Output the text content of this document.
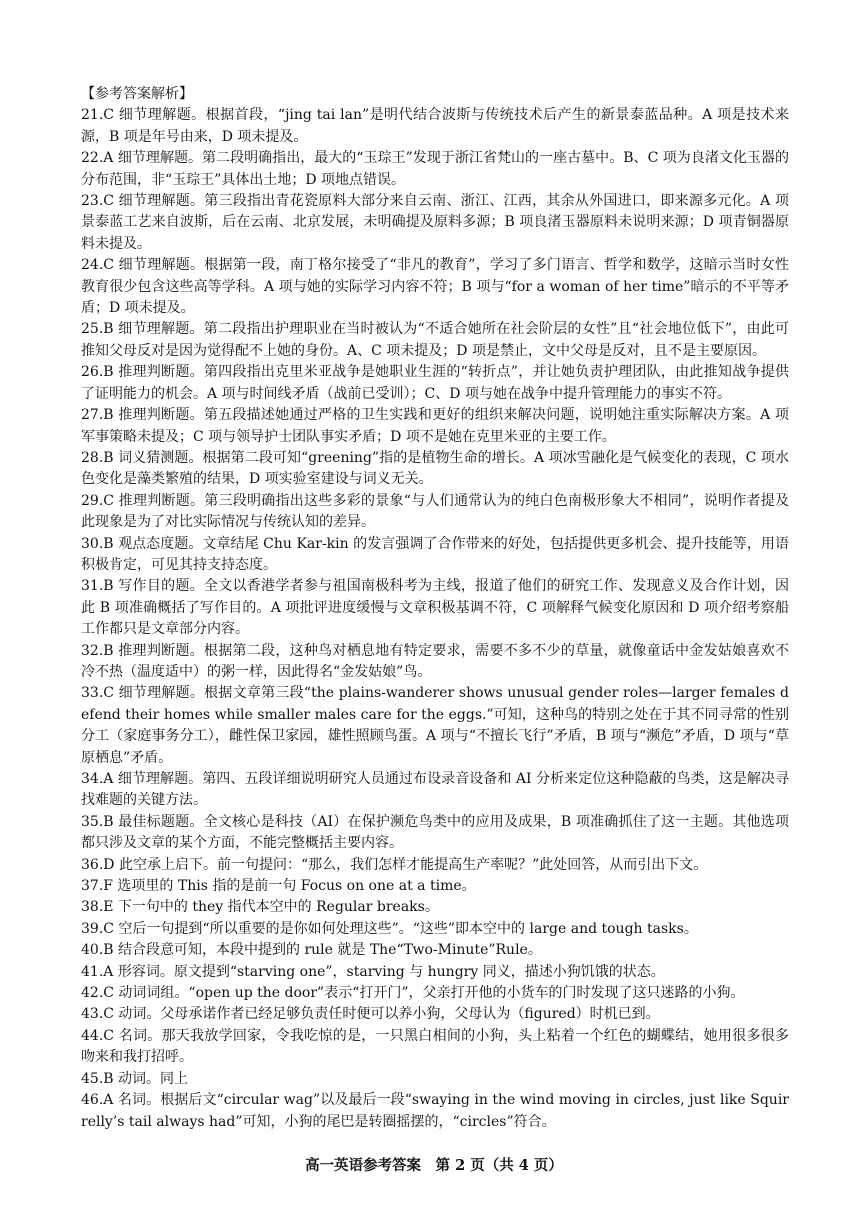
【参考答案解析】

21.C 细节理解题。根据首段，“jing tai lan”是明代结合波斯与传统技术后产生的新景泰蓝品种。A 项是技术来源，B 项是年号由来，D 项未提及。

22.A 细节理解题。第二段明确指出，最大的“玉琮王”发现于浙江省梵山的一座古墓中。B、C 项为良渚文化玉器的分布范围，非“玉琮王”具体出土地；D 项地点错误。

23.C 细节理解题。第三段指出青花瓷原料大部分来自云南、浙江、江西，其余从外国进口，即来源多元化。A 项景泰蓝工艺来自波斯，后在云南、北京发展，未明确提及原料多源；B 项良渚玉器原料未说明来源；D 项青铜器原料未提及。

24.C 细节理解题。根据第一段，南丁格尔接受了“非凡的教育”，学习了多门语言、哲学和数学，这暗示当时女性教育很少包含这些高等学科。A 项与她的实际学习内容不符；B 项与“for a woman of her time”暗示的不平等矛盾；D 项未提及。

25.B 细节理解题。第二段指出护理职业在当时被认为“不适合她所在社会阶层的女性”且“社会地位低下”，由此可推知父母反对是因为觉得配不上她的身份。A、C 项未提及；D 项是禁止，文中父母是反对，且不是主要原因。

26.B 推理判断题。第四段指出克里米亚战争是她职业生涯的“转折点”，并让她负责护理团队，由此推知战争提供了证明能力的机会。A 项与时间线矛盾（战前已受训）；C、D 项与她在战争中提升管理能力的事实不符。

27.B 推理判断题。第五段描述她通过严格的卫生实践和更好的组织来解决问题，说明她注重实际解决方案。A 项军事策略未提及；C 项与领导护士团队事实矛盾；D 项不是她在克里米亚的主要工作。

28.B 词义猜测题。根据第二段可知“greening”指的是植物生命的增长。A 项冰雪融化是气候变化的表现，C 项水色变化是藻类繁殖的结果，D 项实验室建设与词义无关。

29.C 推理判断题。第三段明确指出这些多彩的景象“与人们通常认为的纯白色南极形象大不相同”，说明作者提及此现象是为了对比实际情况与传统认知的差异。

30.B 观点态度题。文章结尾 Chu Kar-kin 的发言强调了合作带来的好处，包括提供更多机会、提升技能等，用语积极肯定，可见其持支持态度。

31.B 写作目的题。全文以香港学者参与祖国南极科考为主线，报道了他们的研究工作、发现意义及合作计划，因此 B 项准确概括了写作目的。A 项批评进度缓慢与文章积极基调不符，C 项解释气候变化原因和 D 项介绍考察船工作都只是文章部分内容。

32.B 推理判断题。根据第二段，这种鸟对栖息地有特定要求，需要不多不少的草量，就像童话中金发姑娘喜欢不冷不热（温度适中）的粥一样，因此得名“金发姑娘”鸟。

33.C 细节理解题。根据文章第三段“the plains-wanderer shows unusual gender roles—larger females defend their homes while smaller males care for the eggs.”可知，这种鸟的特别之处在于其不同寻常的性别分工（家庭事务分工），雌性保卫家园，雄性照顾鸟蛋。A 项与“不擅长飞行”矛盾，B 项与“濒危”矛盾，D 项与“草原栖息”矛盾。

34.A 细节理解题。第四、五段详细说明研究人员通过布设录音设备和 AI 分析来定位这种隐蔽的鸟类，这是解决寻找难题的关键方法。

35.B 最佳标题题。全文核心是科技（AI）在保护濒危鸟类中的应用及成果，B 项准确抓住了这一主题。其他选项都只涉及文章的某个方面，不能完整概括主要内容。

36.D 此空承上启下。前一句提问：“那么，我们怎样才能提高生产率呢？”此处回答，从而引出下文。

37.F 选项里的 This 指的是前一句 Focus on one at a time。

38.E 下一句中的 they 指代本空中的 Regular breaks。

39.C 空后一句提到“所以重要的是你如何处理这些”。“这些”即本空中的 large and tough tasks。

40.B 结合段意可知，本段中提到的 rule 就是 The“Two-Minute”Rule。

41.A 形容词。原文提到“starving one”，starving 与 hungry 同义，描述小狗饥饿的状态。

42.C 动词词组。“open up the door”表示“打开门”，父亲打开他的小货车的门时发现了这只迷路的小狗。

43.C 动词。父母承诺作者已经足够负责任时便可以养小狗，父母认为（figured）时机已到。

44.C 名词。那天我放学回家，令我吃惊的是，一只黑白相间的小狗，头上粘着一个红色的蝴蝶结，她用很多很多吻来和我打招呼。

45.B 动词。同上

46.A 名词。根据后文“circular wag”以及最后一段“swaying in the wind moving in circles, just like Squirrelly’s tail always had”可知，小狗的尾巴是转圈摇摆的，“circles”符合。

高一英语参考答案　第 2 页（共 4 页）
